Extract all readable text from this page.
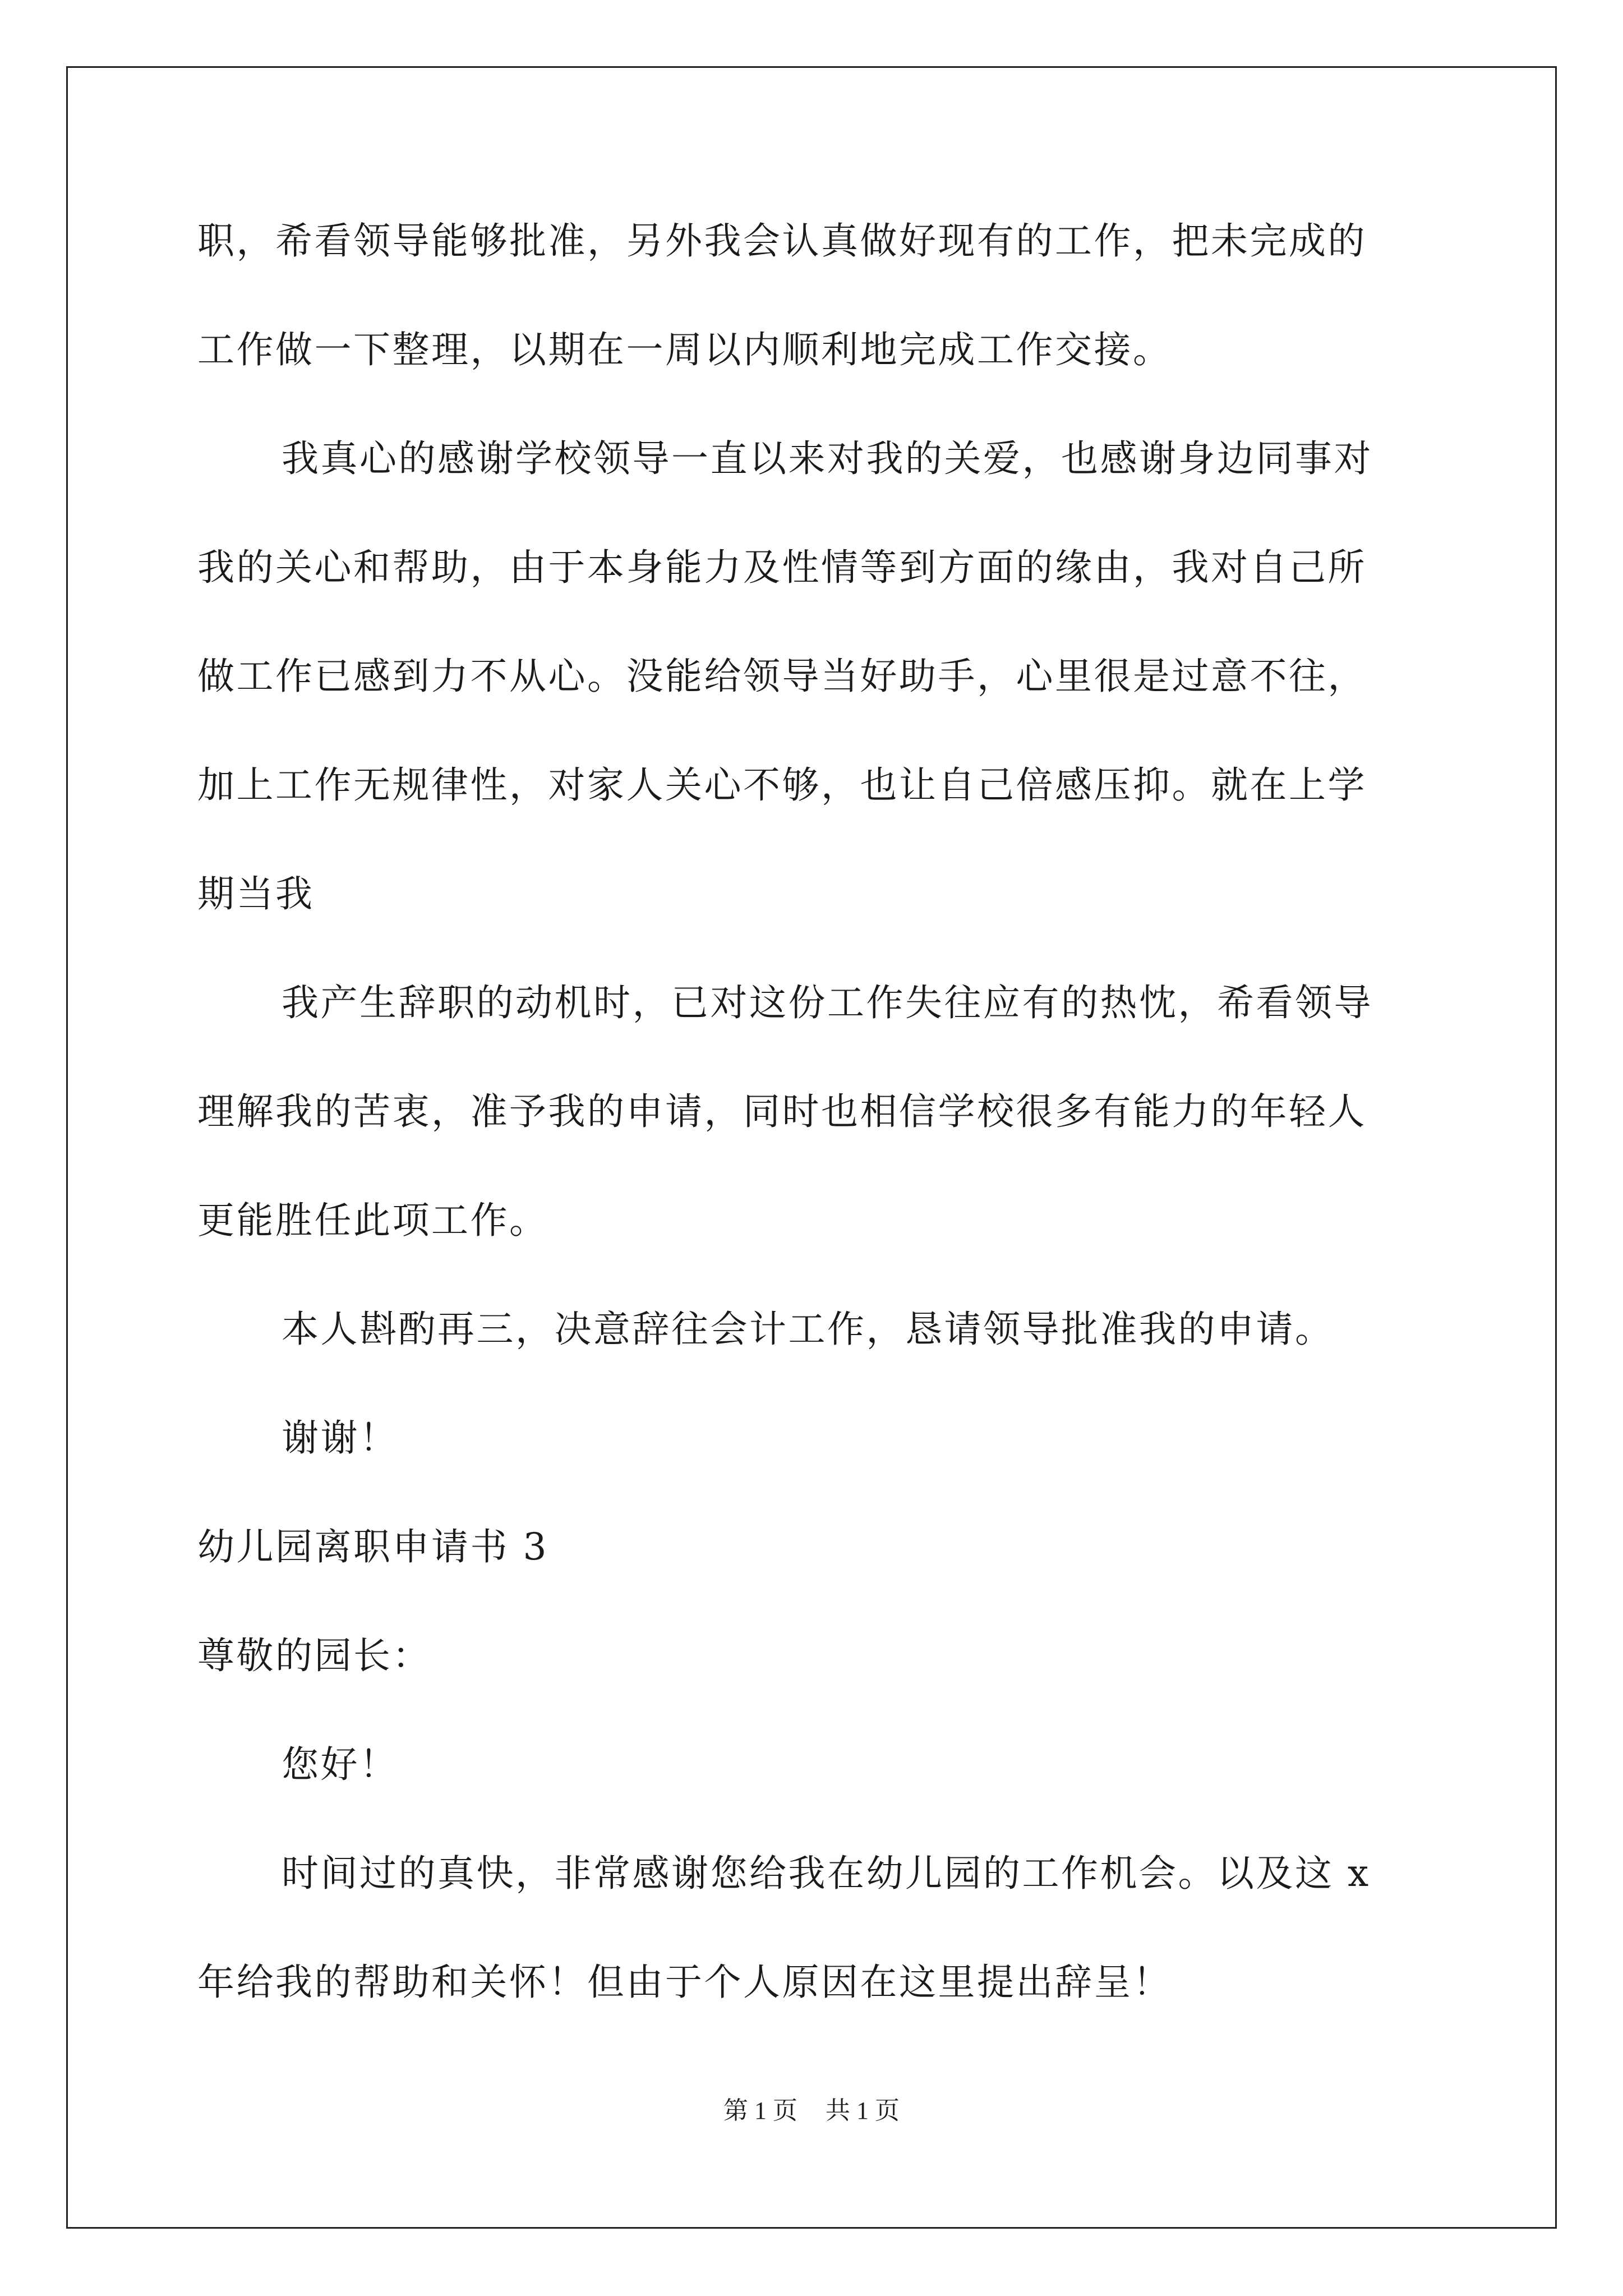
职，希看领导能够批准，另外我会认真做好现有的工作，把未完成的
工作做一下整理，以期在一周以内顺利地完成工作交接。
我真心的感谢学校领导一直以来对我的关爱，也感谢身边同事对
我的关心和帮助，由于本身能力及性情等到方面的缘由，我对自己所
做工作已感到力不从心。没能给领导当好助手，心里很是过意不往，
加上工作无规律性，对家人关心不够，也让自己倍感压抑。就在上学
期当我
我产生辞职的动机时，已对这份工作失往应有的热忱，希看领导
理解我的苦衷，准予我的申请，同时也相信学校很多有能力的年轻人
更能胜任此项工作。
本人斟酌再三，决意辞往会计工作，恳请领导批准我的申请。
谢谢！
幼儿园离职申请书 3
尊敬的园长：
您好！
时间过的真快，非常感谢您给我在幼儿园的工作机会。以及这 x
年给我的帮助和关怀！但由于个人原因在这里提出辞呈！
第 1 页 共 1 页
